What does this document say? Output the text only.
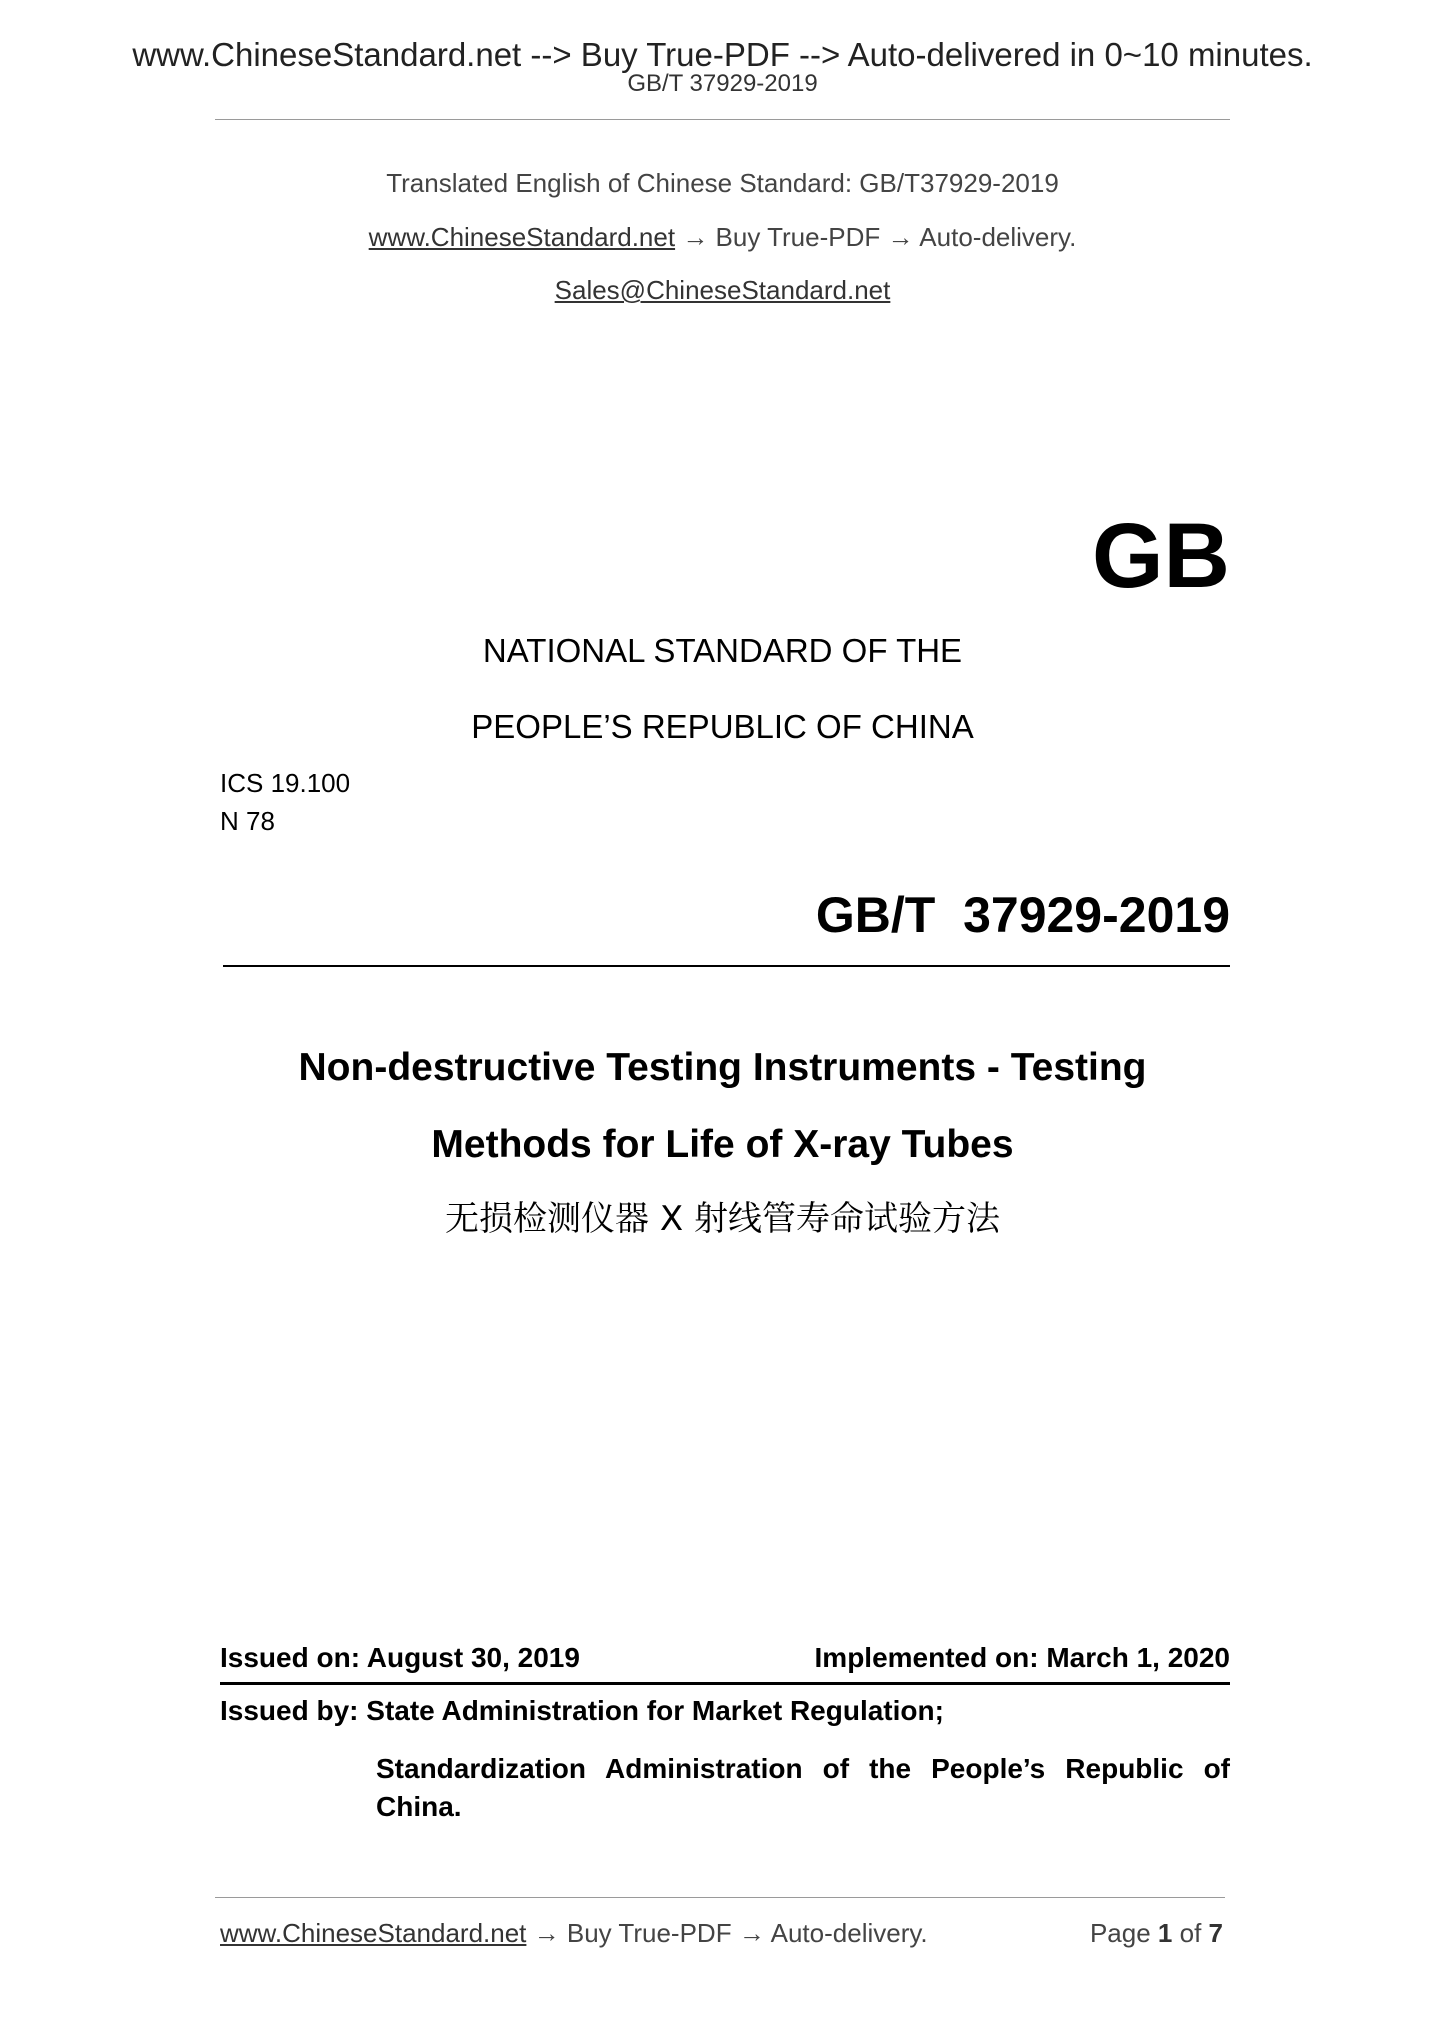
www.ChineseStandard.net --> Buy True-PDF --> Auto-delivered in 0~10 minutes.
GB/T 37929-2019
Translated English of Chinese Standard: GB/T37929-2019
www.ChineseStandard.net → Buy True-PDF → Auto-delivery.
Sales@ChineseStandard.net
GB
NATIONAL STANDARD OF THE
PEOPLE’S REPUBLIC OF CHINA
ICS 19.100
N 78
GB/T  37929-2019
Non-destructive Testing Instruments - Testing
Methods for Life of X-ray Tubes
无损检测仪器 X 射线管寿命试验方法
Issued on: August 30, 2019	Implemented on: March 1, 2020
Issued by: State Administration for Market Regulation;
Standardization Administration of the People’s Republic of China.
www.ChineseStandard.net → Buy True-PDF → Auto-delivery.	Page 1 of 7
